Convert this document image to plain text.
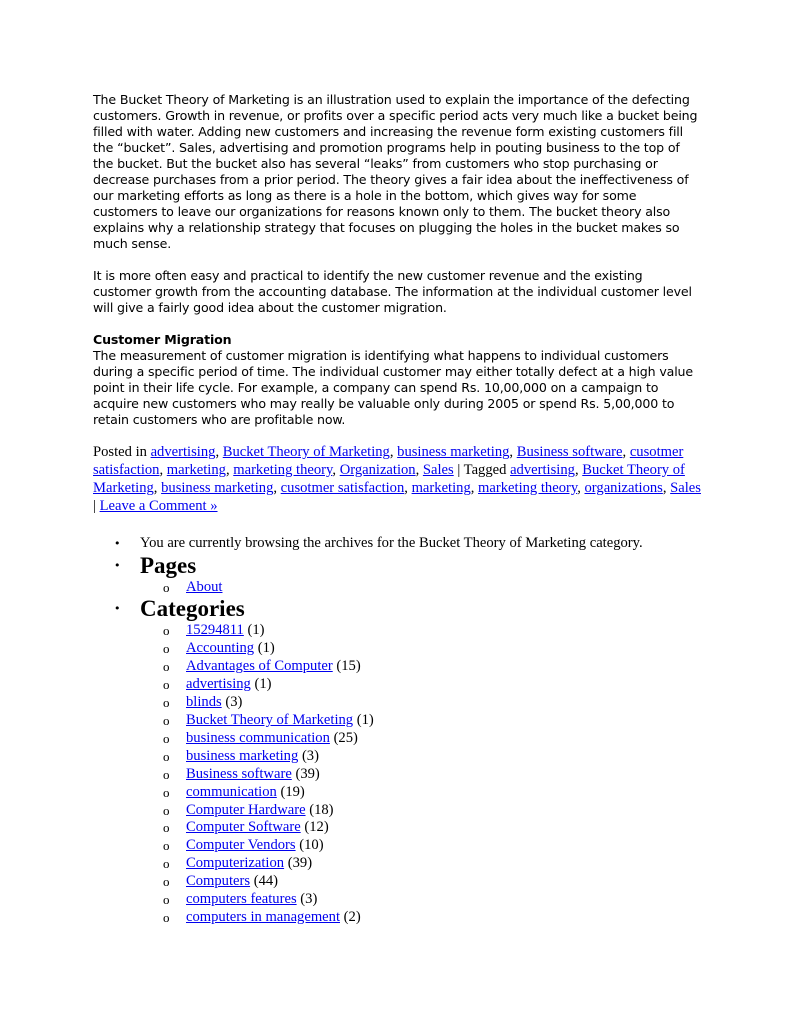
The Bucket Theory of Marketing is an illustration used to explain the importance of the defecting customers. Growth in revenue, or profits over a specific period acts very much like a bucket being filled with water. Adding new customers and increasing the revenue form existing customers fill the “bucket”. Sales, advertising and promotion programs help in pouting business to the top of the bucket. But the bucket also has several “leaks” from customers who stop purchasing or decrease purchases from a prior period. The theory gives a fair idea about the ineffectiveness of our marketing efforts as long as there is a hole in the bottom, which gives way for some customers to leave our organizations for reasons known only to them. The bucket theory also explains why a relationship strategy that focuses on plugging the holes in the bucket makes so much sense.

It is more often easy and practical to identify the new customer revenue and the existing customer growth from the accounting database. The information at the individual customer level will give a fairly good idea about the customer migration.

Customer Migration

The measurement of customer migration is identifying what happens to individual customers during a specific period of time. The individual customer may either totally defect at a high value point in their life cycle. For example, a company can spend Rs. 10,00,000 on a campaign to acquire new customers who may really be valuable only during 2005 or spend Rs. 5,00,000 to retain customers who are profitable now.

Posted in advertising, Bucket Theory of Marketing, business marketing, Business software, cusotmer satisfaction, marketing, marketing theory, Organization, Sales | Tagged advertising, Bucket Theory of Marketing, business marketing, cusotmer satisfaction, marketing, marketing theory, organizations, Sales | Leave a Comment »
• You are currently browsing the archives for the Bucket Theory of Marketing category.
• Pages
o About
• Categories
o 15294811 (1)
o Accounting (1)
o Advantages of Computer (15)
o advertising (1)
o blinds (3)
o Bucket Theory of Marketing (1)
o business communication (25)
o business marketing (3)
o Business software (39)
o communication (19)
o Computer Hardware (18)
o Computer Software (12)
o Computer Vendors (10)
o Computerization (39)
o Computers (44)
o computers features (3)
o computers in management (2)
